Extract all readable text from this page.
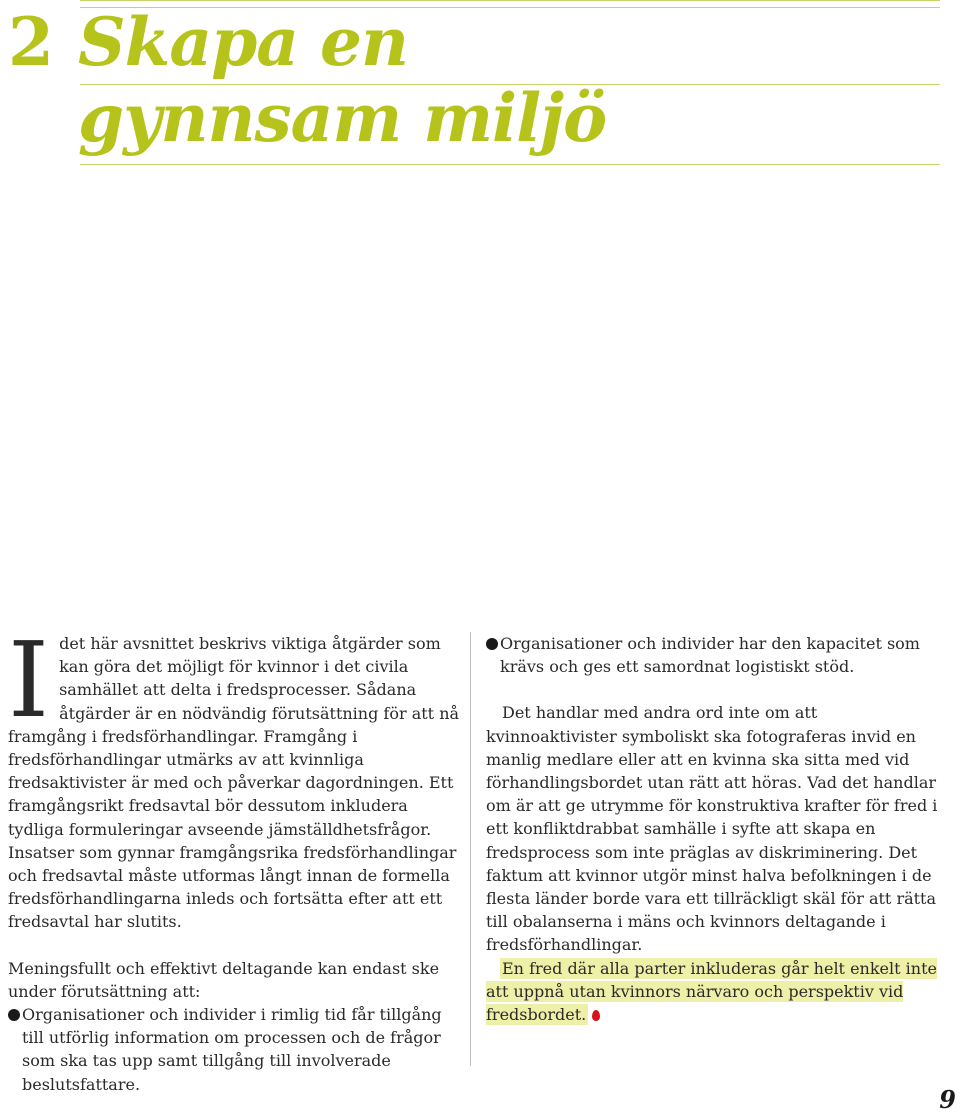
2 Skapa en
gynnsam miljö

Idet här avsnittet beskrivs viktiga åtgärder som kan göra det möjligt för kvinnor i det civila samhället att delta i fredsprocesser. Sådana åtgärder är en nödvändig förutsättning för att nå framgång i fredsförhandlingar. Framgång i fredsförhandlingar utmärks av att kvinnliga fredsaktivister är med och påverkar dagordningen. Ett framgångsrikt fredsavtal bör dessutom inkludera tydliga formuleringar avseende jämställdhetsfrågor. Insatser som gynnar framgångsrika fredsförhandlingar och fredsavtal måste utformas långt innan de formella fredsförhandlingarna inleds och fortsätta efter att ett fredsavtal har slutits.

Meningsfullt och effektivt deltagande kan endast ske under förutsättning att:

Organisationer och individer i rimlig tid får tillgång till utförlig information om processen och de frågor som ska tas upp samt tillgång till involverade beslutsfattare.

Organisationer och individer har den kapacitet som krävs och ges ett samordnat logistiskt stöd.

Det handlar med andra ord inte om att kvinnoaktivister symboliskt ska fotograferas invid en manlig medlare eller att en kvinna ska sitta med vid förhandlingsbordet utan rätt att höras. Vad det handlar om är att ge utrymme för konstruktiva krafter för fred i ett konfliktdrabbat samhälle i syfte att skapa en fredsprocess som inte präglas av diskriminering. Det faktum att kvinnor utgör minst halva befolkningen i de flesta länder borde vara ett tillräckligt skäl för att rätta till obalanserna i mäns och kvinnors deltagande i fredsförhandlingar.

En fred där alla parter inkluderas går helt enkelt inte att uppnå utan kvinnors närvaro och perspektiv vid fredsbordet.

9
